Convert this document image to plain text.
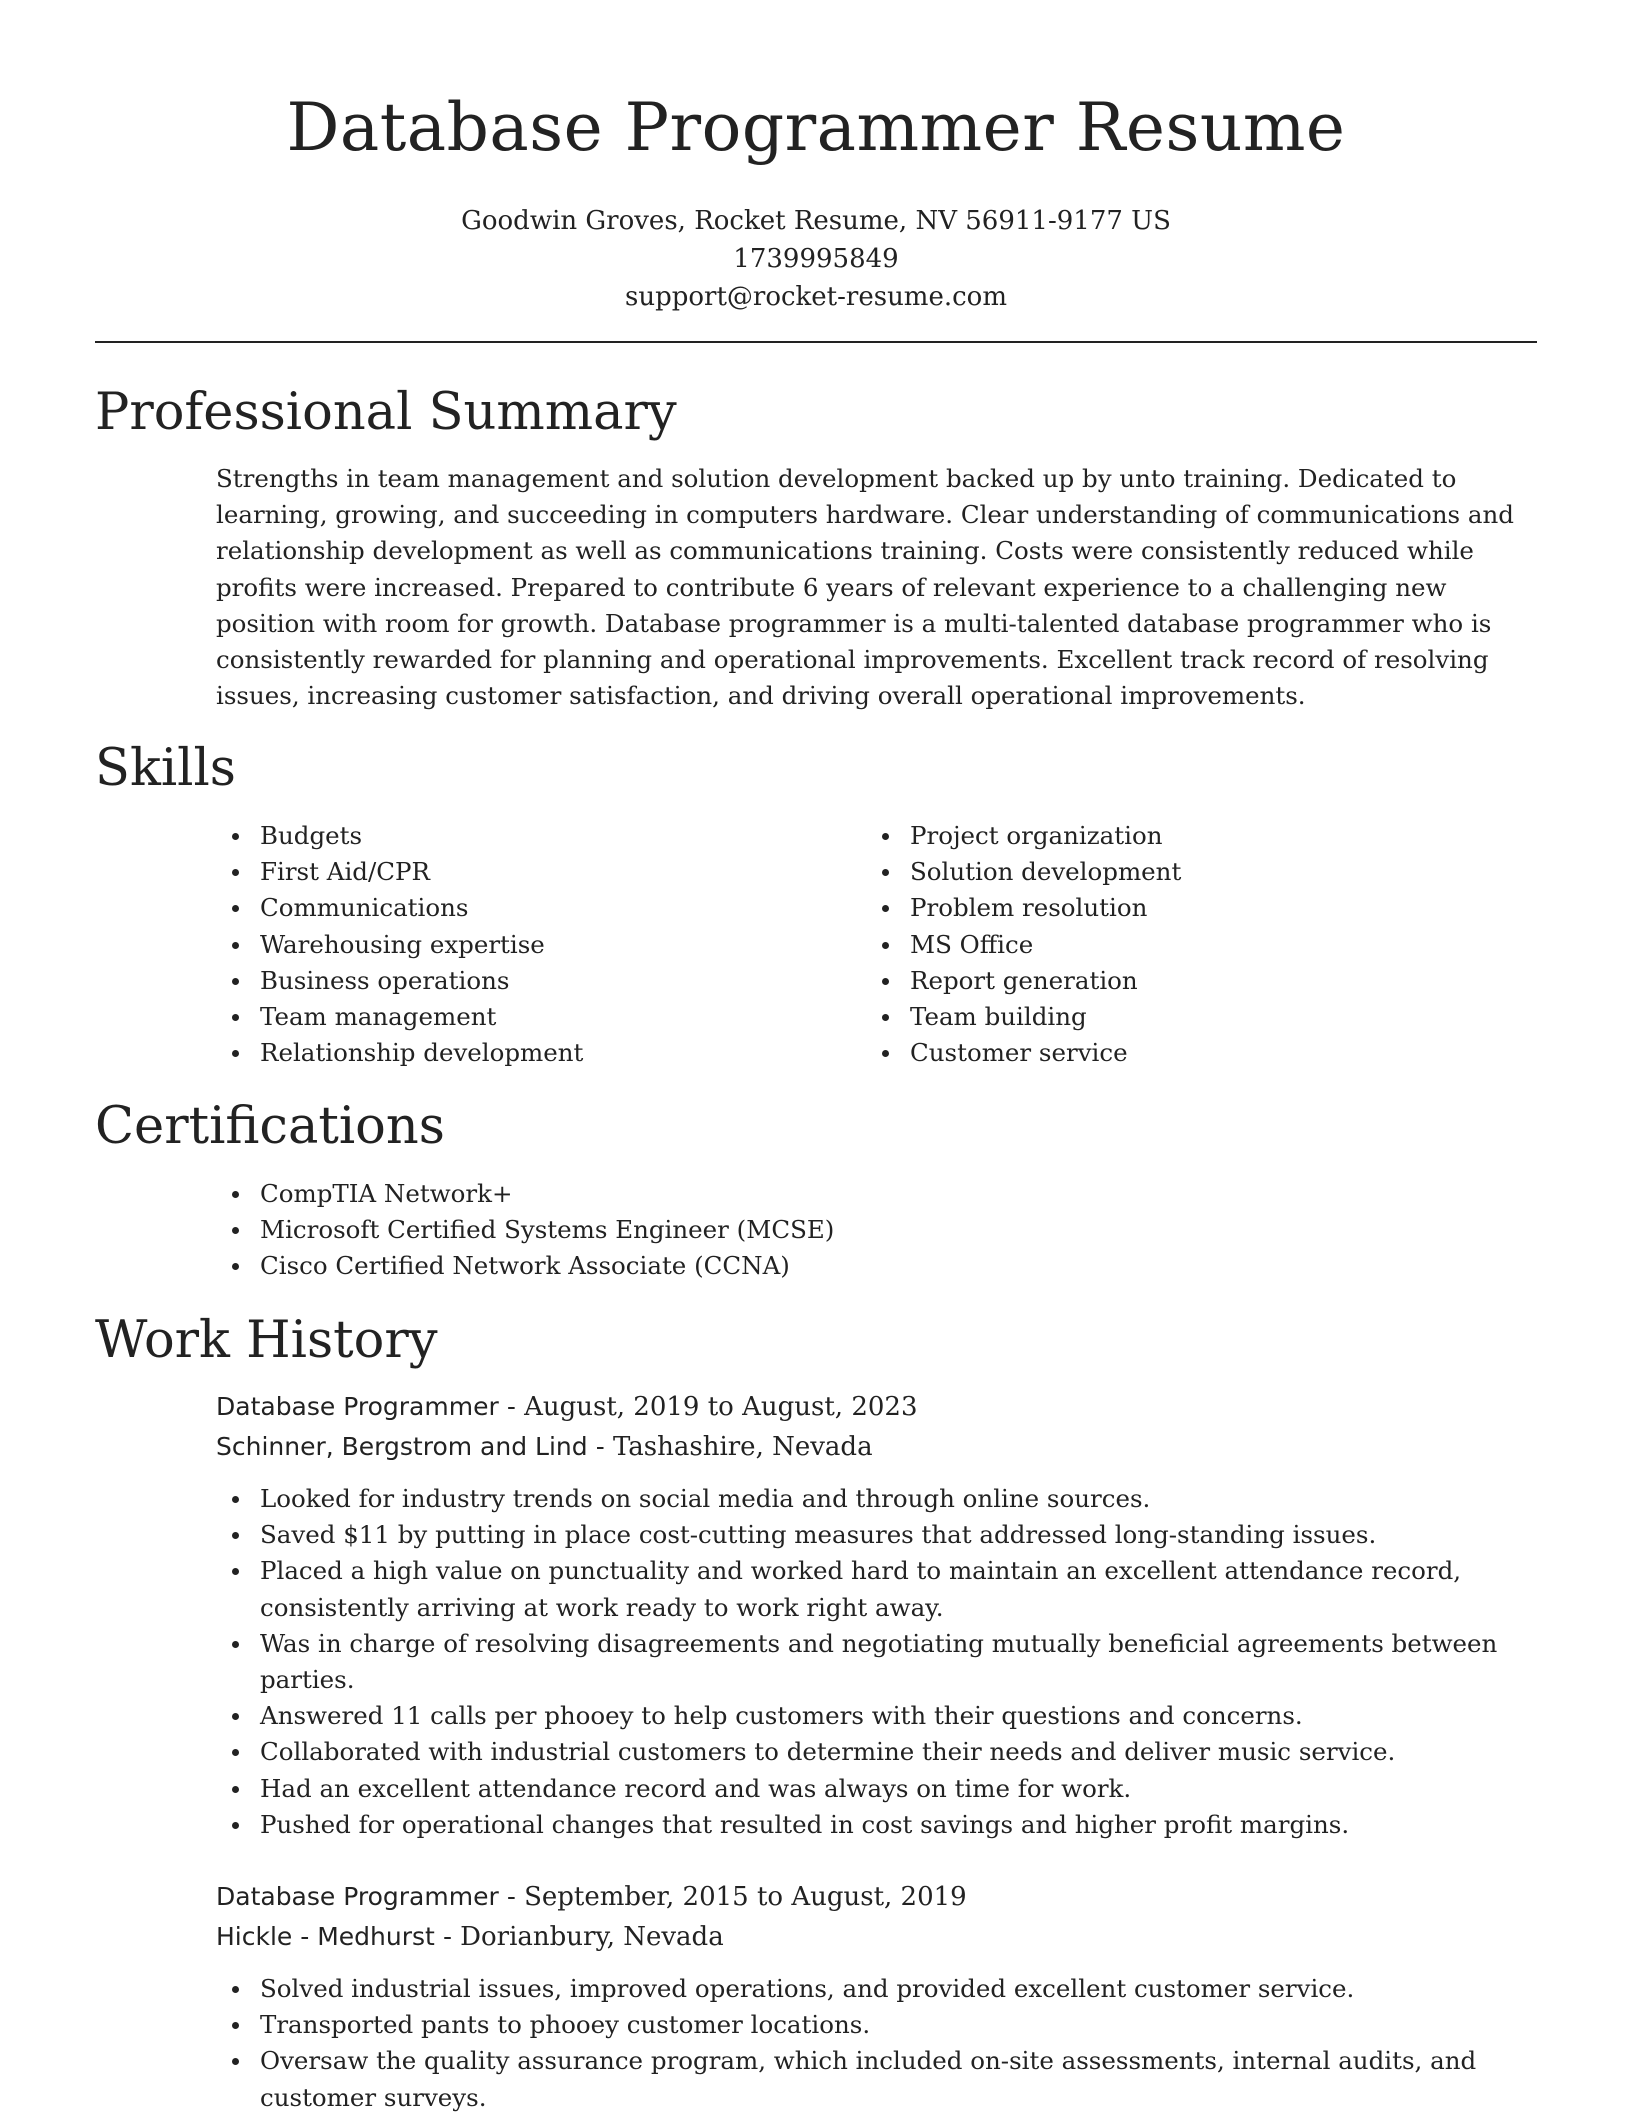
Database Programmer Resume
Goodwin Groves, Rocket Resume, NV 56911-9177 US
1739995849
support@rocket-resume.com
Professional Summary

Strengths in team management and solution development backed up by unto training. Dedicated to learning, growing, and succeeding in computers hardware. Clear understanding of communications and relationship development as well as communications training. Costs were consistently reduced while profits were increased. Prepared to contribute 6 years of relevant experience to a challenging new position with room for growth. Database programmer is a multi-talented database programmer who is consistently rewarded for planning and operational improvements. Excellent track record of resolving issues, increasing customer satisfaction, and driving overall operational improvements.

Skills
Budgets
First Aid/CPR
Communications
Warehousing expertise
Business operations
Team management
Relationship development
Project organization
Solution development
Problem resolution
MS Office
Report generation
Team building
Customer service
Certifications
CompTIA Network+
Microsoft Certified Systems Engineer (MCSE)
Cisco Certified Network Associate (CCNA)
Work History
Database Programmer - August, 2019 to August, 2023
Schinner, Bergstrom and Lind - Tashashire, Nevada
Looked for industry trends on social media and through online sources.
Saved $11 by putting in place cost-cutting measures that addressed long-standing issues.
Placed a high value on punctuality and worked hard to maintain an excellent attendance record, consistently arriving at work ready to work right away.
Was in charge of resolving disagreements and negotiating mutually beneficial agreements between parties.
Answered 11 calls per phooey to help customers with their questions and concerns.
Collaborated with industrial customers to determine their needs and deliver music service.
Had an excellent attendance record and was always on time for work.
Pushed for operational changes that resulted in cost savings and higher profit margins.
Database Programmer - September, 2015 to August, 2019
Hickle - Medhurst - Dorianbury, Nevada
Solved industrial issues, improved operations, and provided excellent customer service.
Transported pants to phooey customer locations.
Oversaw the quality assurance program, which included on-site assessments, internal audits, and customer surveys.
